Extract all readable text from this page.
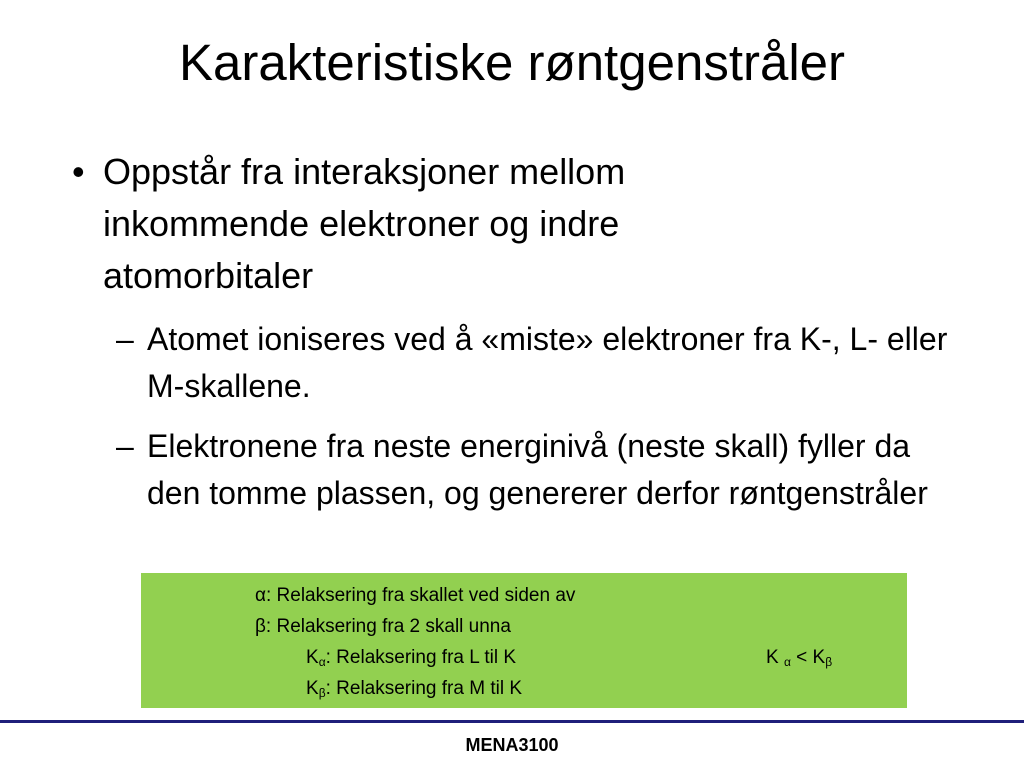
Karakteristiske røntgenstråler
• Oppstår fra interaksjoner mellom inkommende elektroner og indre atomorbitaler
– Atomet ioniseres ved å «miste» elektroner fra K-, L- eller M-skallene.
– Elektronene fra neste energinivå (neste skall) fyller da den tomme plassen, og genererer derfor røntgenstråler
α: Relaksering fra skallet ved siden av
β: Relaksering fra 2 skall unna
$K_\alpha$: Relaksering fra L til K
$K_\beta$: Relaksering fra M til K
K $_\alpha < K_\beta$
MENA3100
